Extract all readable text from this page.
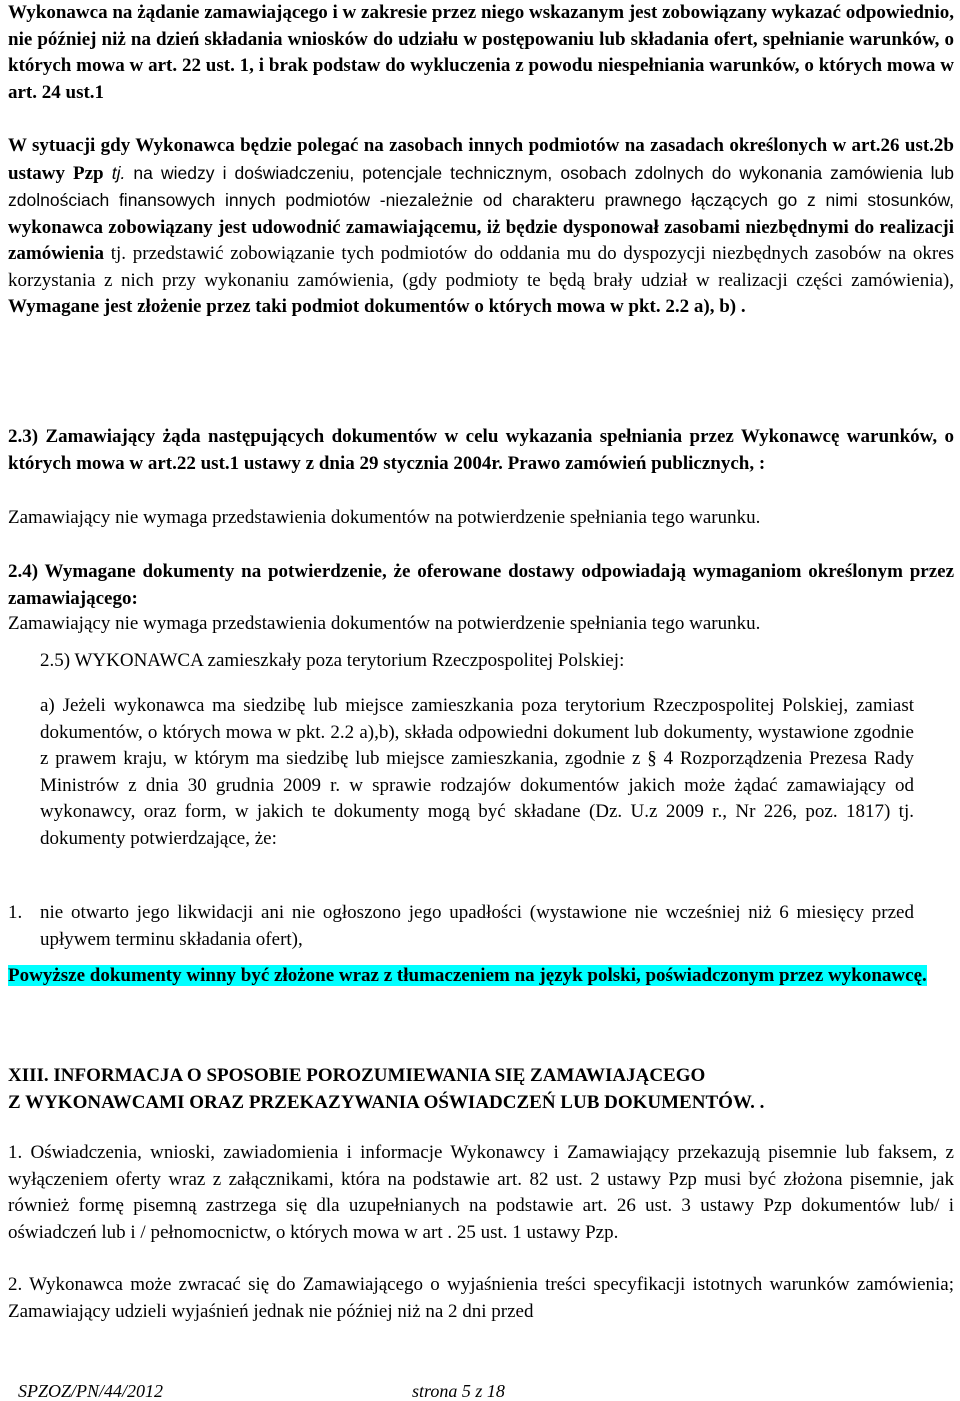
Wykonawca na żądanie zamawiającego i w zakresie przez niego wskazanym jest zobowiązany wykazać odpowiednio, nie później niż na dzień składania wniosków do udziału w postępowaniu lub składania ofert, spełnianie warunków, o których mowa w art. 22 ust. 1, i brak podstaw do wykluczenia z powodu niespełniania warunków, o których mowa w art. 24 ust.1

W sytuacji gdy Wykonawca będzie polegać na zasobach innych podmiotów na zasadach określonych w art.26 ust.2b ustawy Pzp tj. na wiedzy i doświadczeniu, potencjale technicznym, osobach zdolnych do wykonania zamówienia lub zdolnościach finansowych innych podmiotów -niezależnie od charakteru prawnego łączących go z nimi stosunków, wykonawca zobowiązany jest udowodnić zamawiającemu, iż będzie dysponował zasobami niezbędnymi do realizacji zamówienia tj. przedstawić zobowiązanie tych podmiotów do oddania mu do dyspozycji niezbędnych zasobów na okres korzystania z nich przy wykonaniu zamówienia, (gdy podmioty te będą brały udział w realizacji części zamówienia), Wymagane jest złożenie przez taki podmiot dokumentów o których mowa w pkt. 2.2 a), b) .

2.3) Zamawiający żąda następujących dokumentów w celu wykazania spełniania przez Wykonawcę warunków, o których mowa w art.22 ust.1 ustawy z dnia 29 stycznia 2004r. Prawo zamówień publicznych, :

Zamawiający nie wymaga przedstawienia dokumentów na potwierdzenie spełniania tego warunku.

2.4) Wymagane dokumenty na potwierdzenie, że oferowane dostawy odpowiadają wymaganiom określonym przez zamawiającego:

Zamawiający nie wymaga przedstawienia dokumentów na potwierdzenie spełniania tego warunku.

2.5) WYKONAWCA zamieszkały poza terytorium Rzeczpospolitej Polskiej:

a) Jeżeli wykonawca ma siedzibę lub miejsce zamieszkania poza terytorium Rzeczpospolitej Polskiej, zamiast dokumentów, o których mowa w pkt. 2.2 a),b), składa odpowiedni dokument lub dokumenty, wystawione zgodnie z prawem kraju, w którym ma siedzibę lub miejsce zamieszkania, zgodnie z § 4 Rozporządzenia Prezesa Rady Ministrów z dnia 30 grudnia 2009 r. w sprawie rodzajów dokumentów jakich może żądać zamawiający od wykonawcy, oraz form, w jakich te dokumenty mogą być składane (Dz. U.z 2009 r., Nr 226, poz. 1817) tj. dokumenty potwierdzające, że:

1. nie otwarto jego likwidacji ani nie ogłoszono jego upadłości (wystawione nie wcześniej niż 6 miesięcy przed upływem terminu składania ofert),

Powyższe dokumenty winny być złożone wraz z tłumaczeniem na język polski, poświadczonym przez wykonawcę.

XIII. INFORMACJA O SPOSOBIE POROZUMIEWANIA SIĘ ZAMAWIAJĄCEGO

Z WYKONAWCAMI ORAZ PRZEKAZYWANIA OŚWIADCZEŃ LUB DOKUMENTÓW. .

1. Oświadczenia, wnioski, zawiadomienia i informacje Wykonawcy i Zamawiający przekazują pisemnie lub faksem, z wyłączeniem oferty wraz z załącznikami, która na podstawie art. 82 ust. 2 ustawy Pzp musi być złożona pisemnie, jak również formę pisemną zastrzega się dla uzupełnianych na podstawie art. 26 ust. 3 ustawy Pzp dokumentów lub/ i oświadczeń lub i / pełnomocnictw, o których mowa w art . 25 ust. 1 ustawy Pzp.

2. Wykonawca może zwracać się do Zamawiającego o wyjaśnienia treści specyfikacji istotnych warunków zamówienia; Zamawiający udzieli wyjaśnień jednak nie później niż na 2 dni przed

SPZOZ/PN/44/2012	strona 5 z 18
